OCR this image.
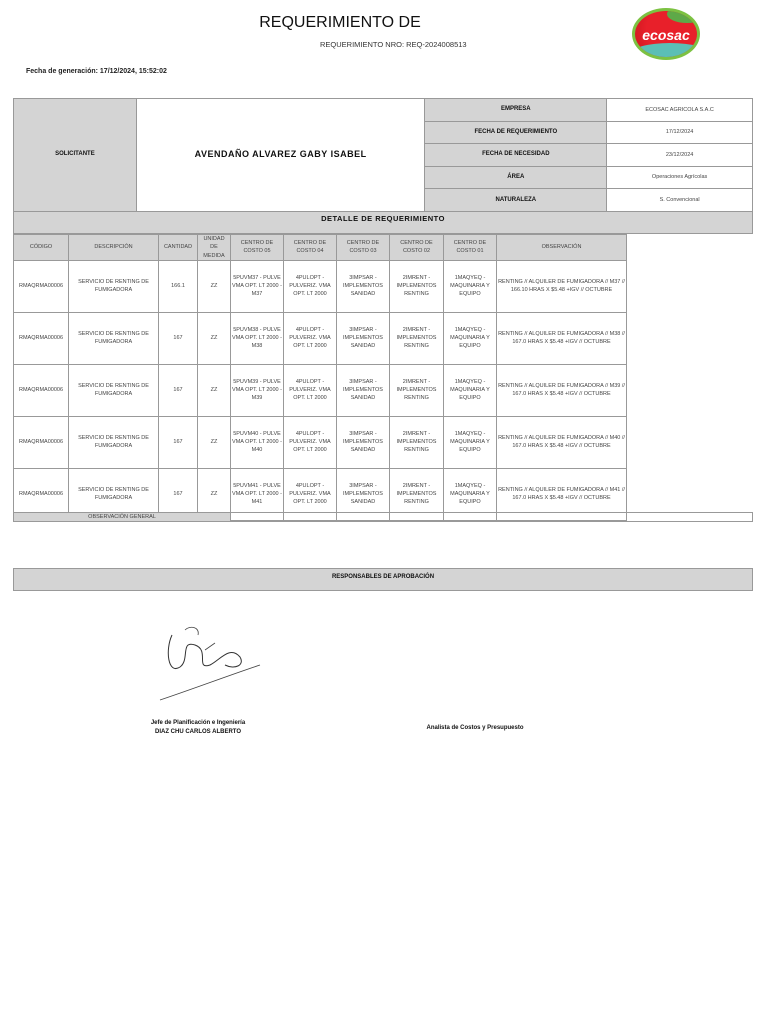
REQUERIMIENTO DE
REQUERIMIENTO NRO: REQ-2024008513
ecosac
Fecha de generación: 17/12/2024, 15:52:02
SOLICITANTE	AVENDAÑO ALVAREZ GABY ISABEL	EMPRESA	ECOSAC AGRICOLA S.A.C
		FECHA DE REQUERIMIENTO	17/12/2024
		FECHA DE NECESIDAD	23/12/2024
		ÁREA	Operaciones Agrícolas
		NATURALEZA	S. Convencional
DETALLE DE REQUERIMIENTO
CÓDIGO	DESCRIPCIÓN	CANTIDAD	UNIDAD DE MEDIDA	CENTRO DE COSTO 05	CENTRO DE COSTO 04	CENTRO DE COSTO 03	CENTRO DE COSTO 02	CENTRO DE COSTO 01	OBSERVACIÓN
RMAQRMA00006	SERVICIO DE RENTING DE FUMIGADORA	166.1	ZZ	5PUVM37 - PULVE VMA OPT. LT 2000 - M37	4PULOPT - PULVERIZ. VMA OPT. LT 2000	3IMPSAR - IMPLEMENTOS SANIDAD	2IMRENT - IMPLEMENTOS RENTING	1MAQYEQ - MAQUINARIA Y EQUIPO	RENTING // ALQUILER DE FUMIGADORA // M37 // 166.10 HRAS X $5.48 +IGV // OCTUBRE
RMAQRMA00006	SERVICIO DE RENTING DE FUMIGADORA	167	ZZ	5PUVM38 - PULVE VMA OPT. LT 2000 - M38	4PULOPT - PULVERIZ. VMA OPT. LT 2000	3IMPSAR - IMPLEMENTOS SANIDAD	2IMRENT - IMPLEMENTOS RENTING	1MAQYEQ - MAQUINARIA Y EQUIPO	RENTING // ALQUILER DE FUMIGADORA // M38 // 167.0 HRAS X $5.48 +IGV // OCTUBRE
RMAQRMA00006	SERVICIO DE RENTING DE FUMIGADORA	167	ZZ	5PUVM39 - PULVE VMA OPT. LT 2000 - M39	4PULOPT - PULVERIZ. VMA OPT. LT 2000	3IMPSAR - IMPLEMENTOS SANIDAD	2IMRENT - IMPLEMENTOS RENTING	1MAQYEQ - MAQUINARIA Y EQUIPO	RENTING // ALQUILER DE FUMIGADORA // M39 // 167.0 HRAS X $5.48 +IGV // OCTUBRE
RMAQRMA00006	SERVICIO DE RENTING DE FUMIGADORA	167	ZZ	5PUVM40 - PULVE VMA OPT. LT 2000 - M40	4PULOPT - PULVERIZ. VMA OPT. LT 2000	3IMPSAR - IMPLEMENTOS SANIDAD	2IMRENT - IMPLEMENTOS RENTING	1MAQYEQ - MAQUINARIA Y EQUIPO	RENTING // ALQUILER DE FUMIGADORA // M40 // 167.0 HRAS X $5.48 +IGV // OCTUBRE
RMAQRMA00006	SERVICIO DE RENTING DE FUMIGADORA	167	ZZ	5PUVM41 - PULVE VMA OPT. LT 2000 - M41	4PULOPT - PULVERIZ. VMA OPT. LT 2000	3IMPSAR - IMPLEMENTOS SANIDAD	2IMRENT - IMPLEMENTOS RENTING	1MAQYEQ - MAQUINARIA Y EQUIPO	RENTING // ALQUILER DE FUMIGADORA // M41 // 167.0 HRAS X $5.48 +IGV // OCTUBRE
OBSERVACIÓN GENERAL	
RESPONSABLES DE APROBACIÓN
Jefe de Planificación e Ingeniería
DIAZ CHU CARLOS ALBERTO
Analista de Costos y Presupuesto
